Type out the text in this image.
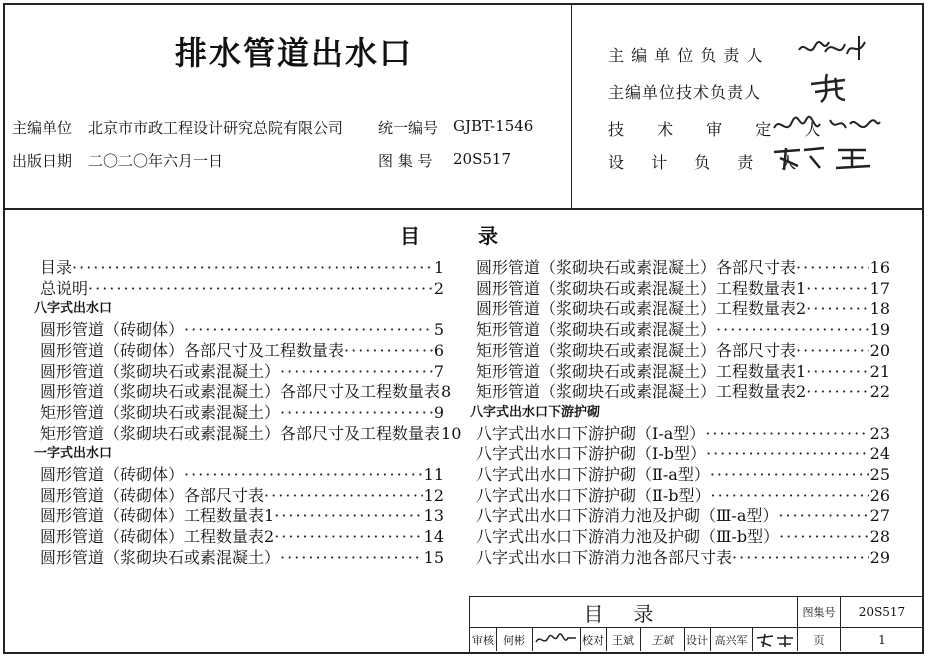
排水管道出水口
主编单位 北京市市政工程设计研究总院有限公司 统一编号 GJBT-1546
出版日期 二〇二〇年六月一日	图 集 号 20S517
主 编 单 位 负 责 人
主编单位技术负责人
技 术 审 定 人
设 计 负 责 人
目录
目录 ·····	1
总说明 ·····	2
八字式出水口
圆形管道（砖砌体） ·····	5
圆形管道（砖砌体）各部尺寸及工程数量表 ·····	6
圆形管道（浆砌块石或素混凝土） ·····	7
圆形管道（浆砌块石或素混凝土）各部尺寸及工程数量表 8
矩形管道（浆砌块石或素混凝土） ·····	9
矩形管道（浆砌块石或素混凝土）各部尺寸及工程数量表 10
一字式出水口
圆形管道（砖砌体） ·····	11
圆形管道（砖砌体）各部尺寸表 ·····	12
圆形管道（砖砌体）工程数量表1 ·····	13
圆形管道（砖砌体）工程数量表2 ·····	14
圆形管道（浆砌块石或素混凝土） ·····	15
圆形管道（浆砌块石或素混凝土）各部尺寸表 ·····	16
圆形管道（浆砌块石或素混凝土）工程数量表1 ·····	17
圆形管道（浆砌块石或素混凝土）工程数量表2 ·····	18
矩形管道（浆砌块石或素混凝土） ·····	19
矩形管道（浆砌块石或素混凝土）各部尺寸表 ·····	20
矩形管道（浆砌块石或素混凝土）工程数量表1 ·····	21
矩形管道（浆砌块石或素混凝土）工程数量表2 ·····	22
八字式出水口下游护砌
八字式出水口下游护砌（Ⅰ-a型） ·····	23
八字式出水口下游护砌（Ⅰ-b型） ·····	24
八字式出水口下游护砌（Ⅱ-a型） ·····	25
八字式出水口下游护砌（Ⅱ-b型） ·····	26
八字式出水口下游消力池及护砌（Ⅲ-a型） ·····	27
八字式出水口下游消力池及护砌（Ⅲ-b型） ·····	28
八字式出水口下游消力池各部尺寸表 ·····	29
目录	图集号	20S517
审核 何彬	校对 王斌	王斌	设计 高兴军	页	1
